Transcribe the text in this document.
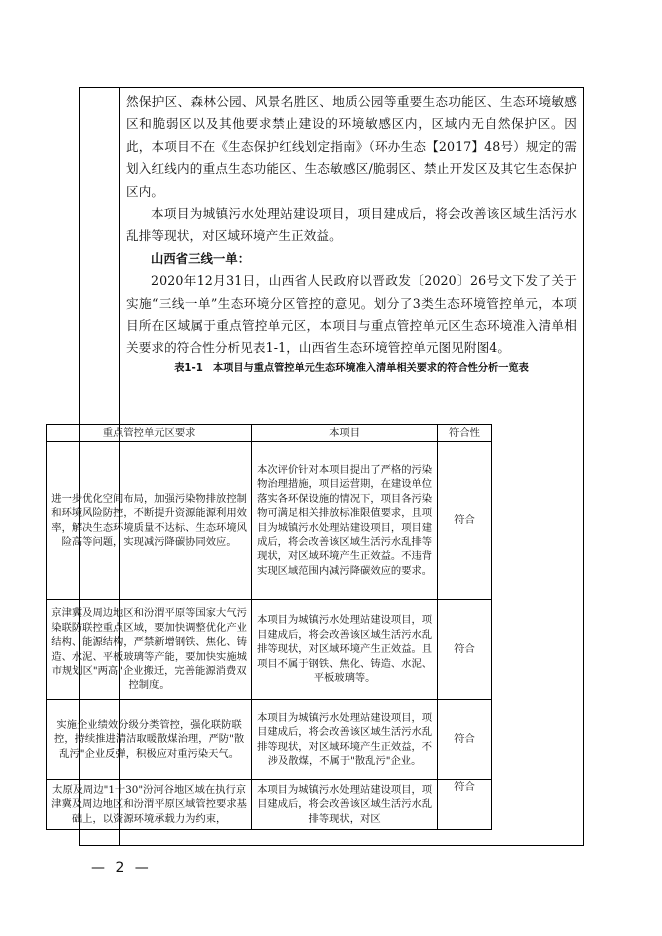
然保护区、森林公园、风景名胜区、地质公园等重要生态功能区、生态环境敏感区和脆弱区以及其他要求禁止建设的环境敏感区内，区域内无自然保护区。因此，本项目不在《生态保护红线划定指南》（环办生态【2017】48号）规定的需划入红线内的重点生态功能区、生态敏感区/脆弱区、禁止开发区及其它生态保护区内。

本项目为城镇污水处理站建设项目，项目建成后，将会改善该区域生活污水乱排等现状，对区域环境产生正效益。

山西省三线一单：

2020年12月31日，山西省人民政府以晋政发〔2020〕26号文下发了关于实施“三线一单”生态环境分区管控的意见。划分了3类生态环境管控单元，本项目所在区域属于重点管控单元区，本项目与重点管控单元区生态环境准入清单相关要求的符合性分析见表1-1，山西省生态环境管控单元图见附图4。

表1-1　本项目与重点管控单元生态环境准入清单相关要求的符合性分析一览表

重点管控单元区要求	本项目	符合性
进一步优化空间布局，加强污染物排放控制和环境风险防控，不断提升资源能源利用效率，解决生态环境质量不达标、生态环境风险高等问题，实现减污降碳协同效应。	本次评价针对本项目提出了严格的污染物治理措施，项目运营期，在建设单位落实各环保设施的情况下，项目各污染物可满足相关排放标准限值要求，且项目为城镇污水处理站建设项目，项目建成后，将会改善该区域生活污水乱排等现状，对区域环境产生正效益。不违背实现区域范围内减污降碳效应的要求。	符合
京津冀及周边地区和汾渭平原等国家大气污染联防联控重点区域，要加快调整优化产业结构、能源结构，严禁新增钢铁、焦化、铸造、水泥、平板玻璃等产能，要加快实施城市规划区"两高"企业搬迁，完善能源消费双控制度。	本项目为城镇污水处理站建设项目，项目建成后，将会改善该区域生活污水乱排等现状，对区域环境产生正效益。且项目不属于钢铁、焦化、铸造、水泥、平板玻璃等。	符合
实施企业绩效分级分类管控，强化联防联控，持续推进清洁取暖散煤治理，严防"散乱污"企业反弹，积极应对重污染天气。	本项目为城镇污水处理站建设项目，项目建成后，将会改善该区域生活污水乱排等现状，对区域环境产生正效益，不涉及散煤，不属于"散乱污"企业。	符合
太原及周边"1十30"汾河谷地区域在执行京津冀及周边地区和汾渭平原区域管控要求基础上，以资源环境承载力为约束，	本项目为城镇污水处理站建设项目，项目建成后，将会改善该区域生活污水乱排等现状，对区	符合
— 2 —
